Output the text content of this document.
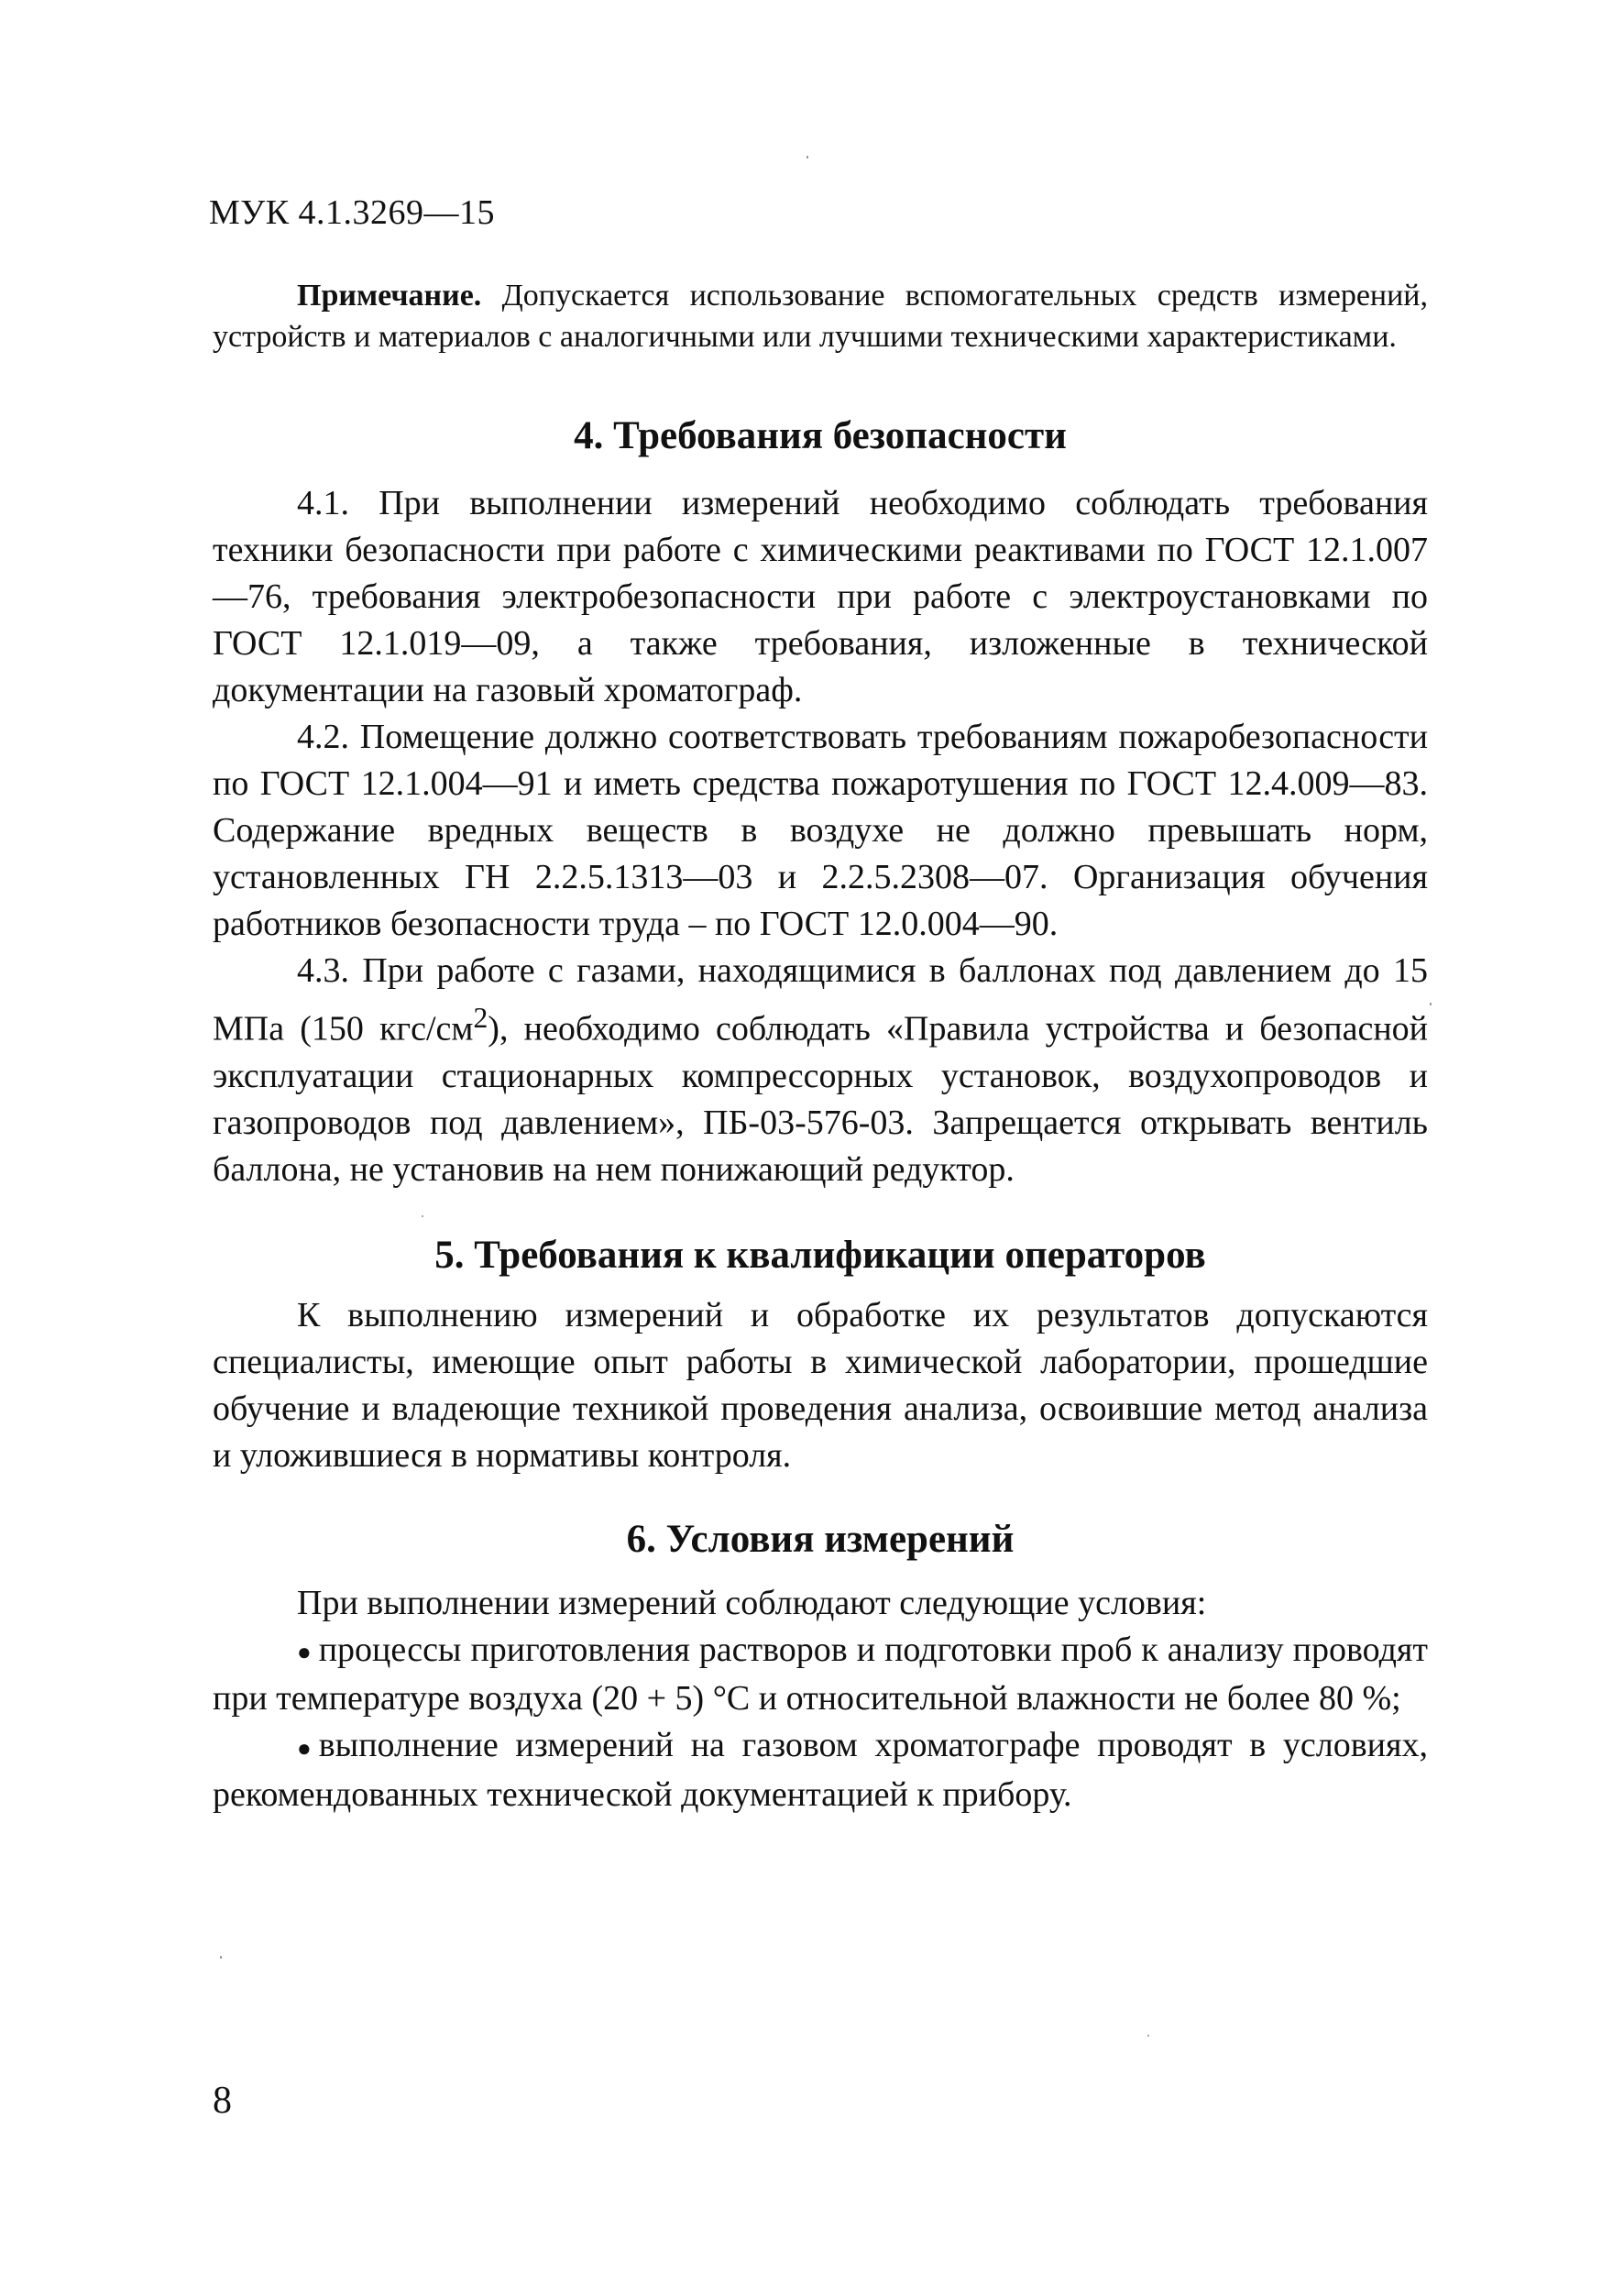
МУК 4.1.3269—15

Примечание. Допускается использование вспомогательных средств измерений, устройств и материалов с аналогичными или лучшими техническими характеристиками.

4. Требования безопасности

4.1. При выполнении измерений необходимо соблюдать требования техники безопасности при работе с химическими реактивами по ГОСТ 12.1.007—76, требования электробезопасности при работе с электроустановками по ГОСТ 12.1.019—09, а также требования, изложенные в технической документации на газовый хроматограф.

4.2. Помещение должно соответствовать требованиям пожаробезопасности по ГОСТ 12.1.004—91 и иметь средства пожаротушения по ГОСТ 12.4.009—83. Содержание вредных веществ в воздухе не должно превышать норм, установленных ГН 2.2.5.1313—03 и 2.2.5.2308—07. Организация обучения работников безопасности труда – по ГОСТ 12.0.004—90.

4.3. При работе с газами, находящимися в баллонах под давлением до 15 МПа (150 кгс/$см^2$), необходимо соблюдать «Правила устройства и безопасной эксплуатации стационарных компрессорных установок, воздухопроводов и газопроводов под давлением», ПБ-03-576-03. Запрещается открывать вентиль баллона, не установив на нем понижающий редуктор.

5. Требования к квалификации операторов

К выполнению измерений и обработке их результатов допускаются специалисты, имеющие опыт работы в химической лаборатории, прошедшие обучение и владеющие техникой проведения анализа, освоившие метод анализа и уложившиеся в нормативы контроля.

6. Условия измерений

При выполнении измерений соблюдают следующие условия:

● процессы приготовления растворов и подготовки проб к анализу проводят при температуре воздуха (20 + 5) °С и относительной влажности не более 80 %;

● выполнение измерений на газовом хроматографе проводят в условиях, рекомендованных технической документацией к прибору.

8
